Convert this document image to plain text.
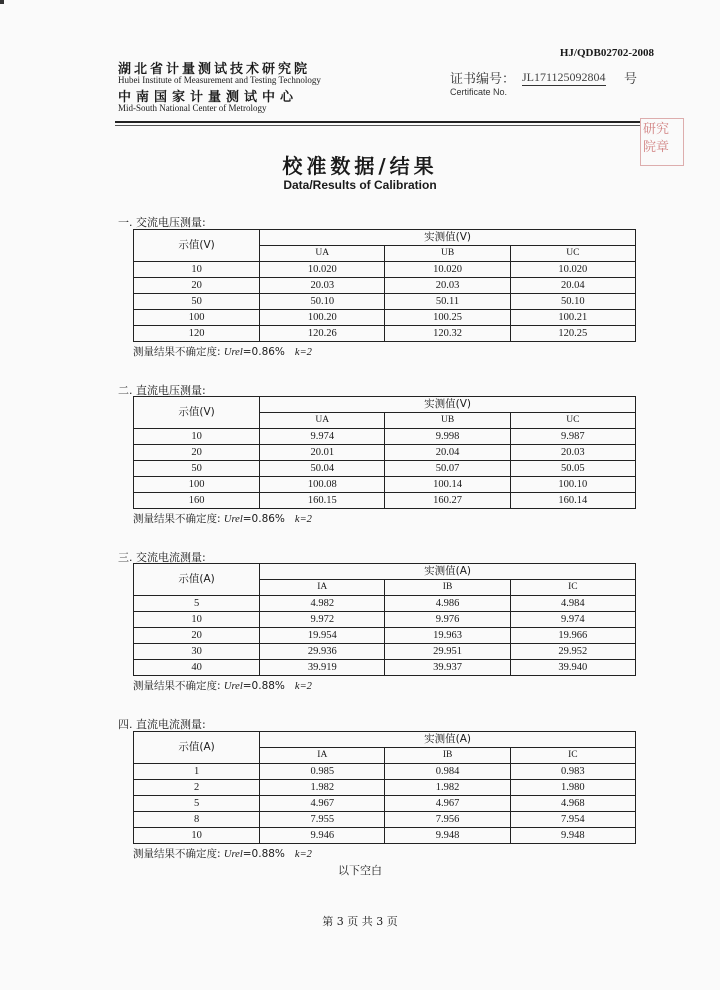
HJ/QDB02702-2008
湖北省计量测试技术研究院
Hubei Institute of Measurement and Testing Technology
中南国家计量测试中心
Mid-South National Center of Metrology
证书编号： JL171125092804 号
Certificate No.
研究院章
校准数据/结果
Data/Results of Calibration
一. 交流电压测量:
示值(V)	实测值(V)		
	UA	UB	UC
10	10.020	10.020	10.020
20	20.03	20.03	20.04
50	50.10	50.11	50.10
100	100.20	100.25	100.21
120	120.26	120.32	120.25
测量结果不确定度: Urel=0.86% k=2
二. 直流电压测量:
示值(V)	实测值(V)		
	UA	UB	UC
10	9.974	9.998	9.987
20	20.01	20.04	20.03
50	50.04	50.07	50.05
100	100.08	100.14	100.10
160	160.15	160.27	160.14
测量结果不确定度: Urel=0.86% k=2
三. 交流电流测量:
示值(A)	实测值(A)		
	IA	IB	IC
5	4.982	4.986	4.984
10	9.972	9.976	9.974
20	19.954	19.963	19.966
30	29.936	29.951	29.952
40	39.919	39.937	39.940
测量结果不确定度: Urel=0.88% k=2
四. 直流电流测量:
示值(A)	实测值(A)		
	IA	IB	IC
1	0.985	0.984	0.983
2	1.982	1.982	1.980
5	4.967	4.967	4.968
8	7.955	7.956	7.954
10	9.946	9.948	9.948
测量结果不确定度: Urel=0.88% k=2
以下空白
第 3 页 共 3 页
